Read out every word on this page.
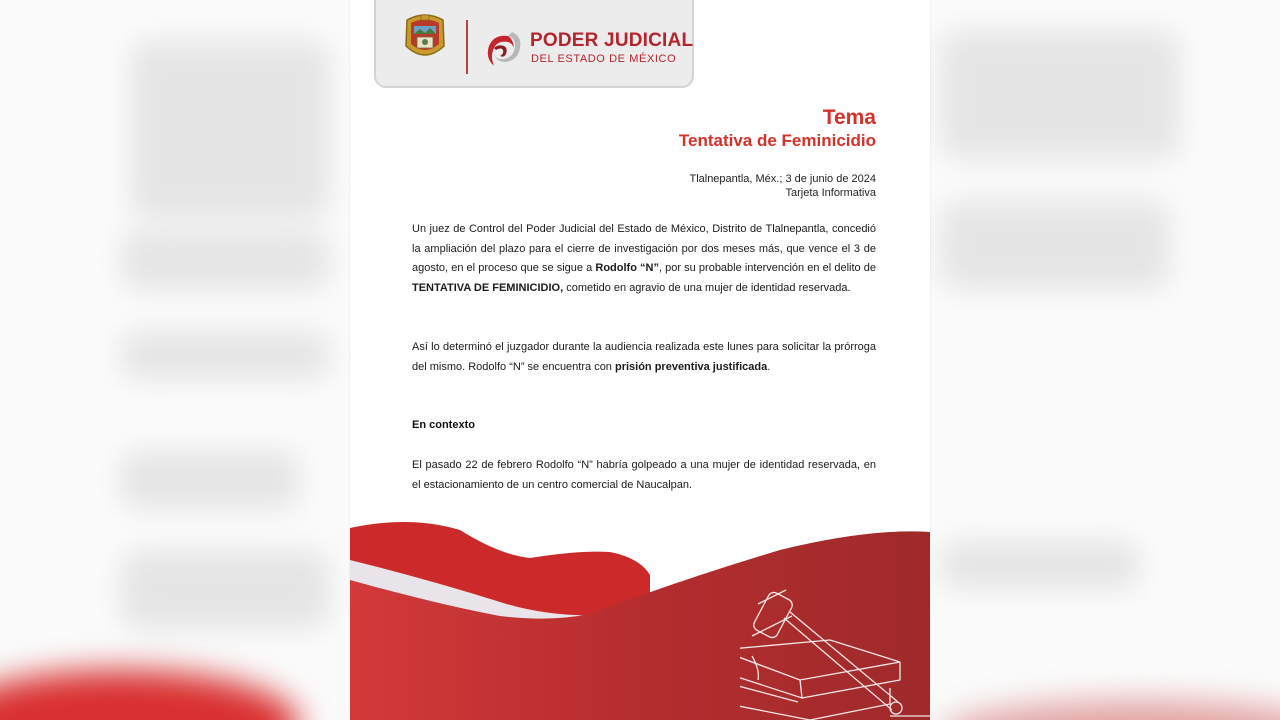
PODER JUDICIAL
DEL ESTADO DE MÉXICO
Tema
Tentativa de Feminicidio
Tlalnepantla, Méx.; 3 de junio de 2024
Tarjeta Informativa
Un juez de Control del Poder Judicial del Estado de México, Distrito de Tlalnepantla, concedió la ampliación del plazo para el cierre de investigación por dos meses más, que vence el 3 de agosto, en el proceso que se sigue a Rodolfo “N”, por su probable intervención en el delito de TENTATIVA DE FEMINICIDIO, cometido en agravio de una mujer de identidad reservada.
Así lo determinó el juzgador durante la audiencia realizada este lunes para solicitar la prórroga del mismo. Rodolfo “N” se encuentra con prisión preventiva justificada.
En contexto
El pasado 22 de febrero Rodolfo “N” habría golpeado a una mujer de identidad reservada, en el estacionamiento de un centro comercial de Naucalpan.
